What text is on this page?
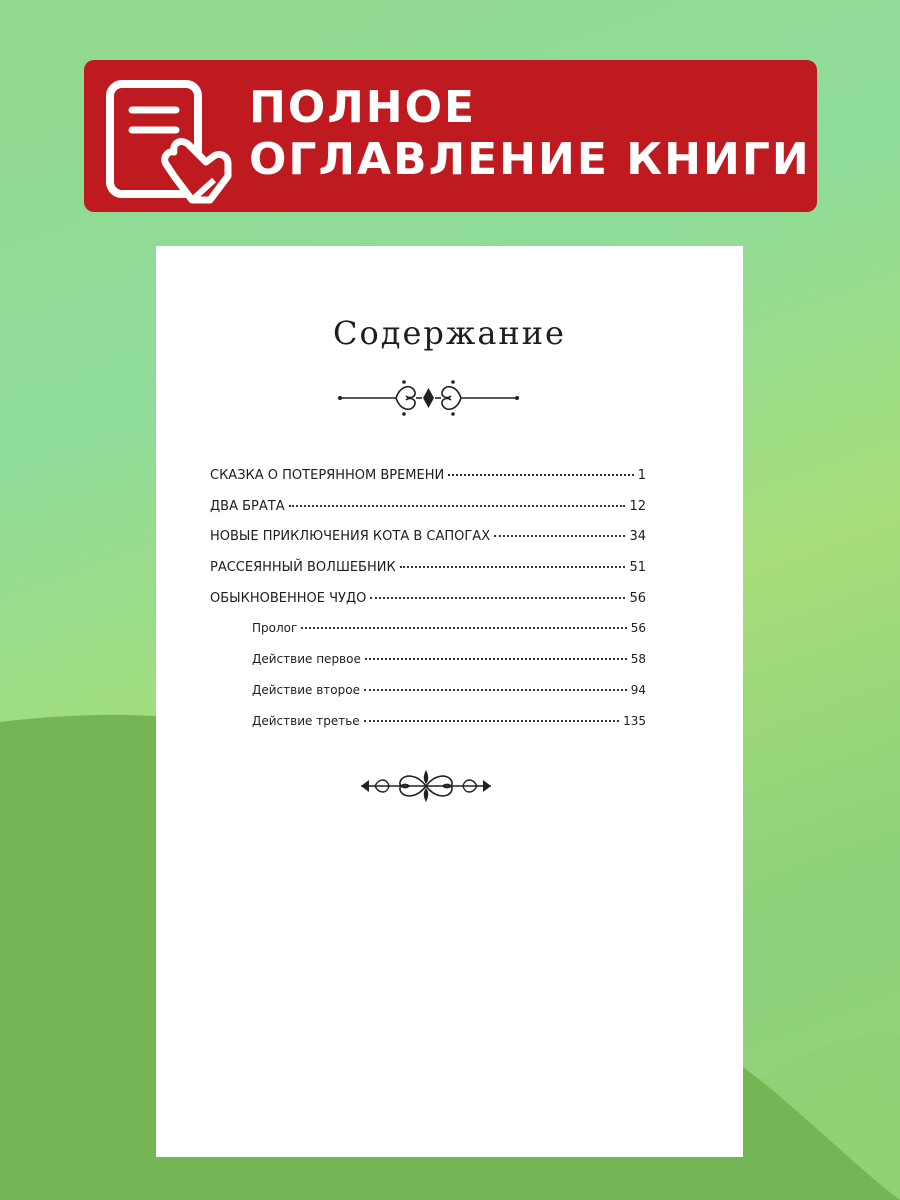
ПОЛНОЕ
ОГЛАВЛЕНИЕ КНИГИ
Содержание
СКАЗКА О ПОТЕРЯННОМ ВРЕМЕНИ	1
ДВА БРАТА	12
НОВЫЕ ПРИКЛЮЧЕНИЯ КОТА В САПОГАХ	34
РАССЕЯННЫЙ ВОЛШЕБНИК	51
ОБЫКНОВЕННОЕ ЧУДО	56
Пролог	56
Действие первое	58
Действие второе	94
Действие третье	135
